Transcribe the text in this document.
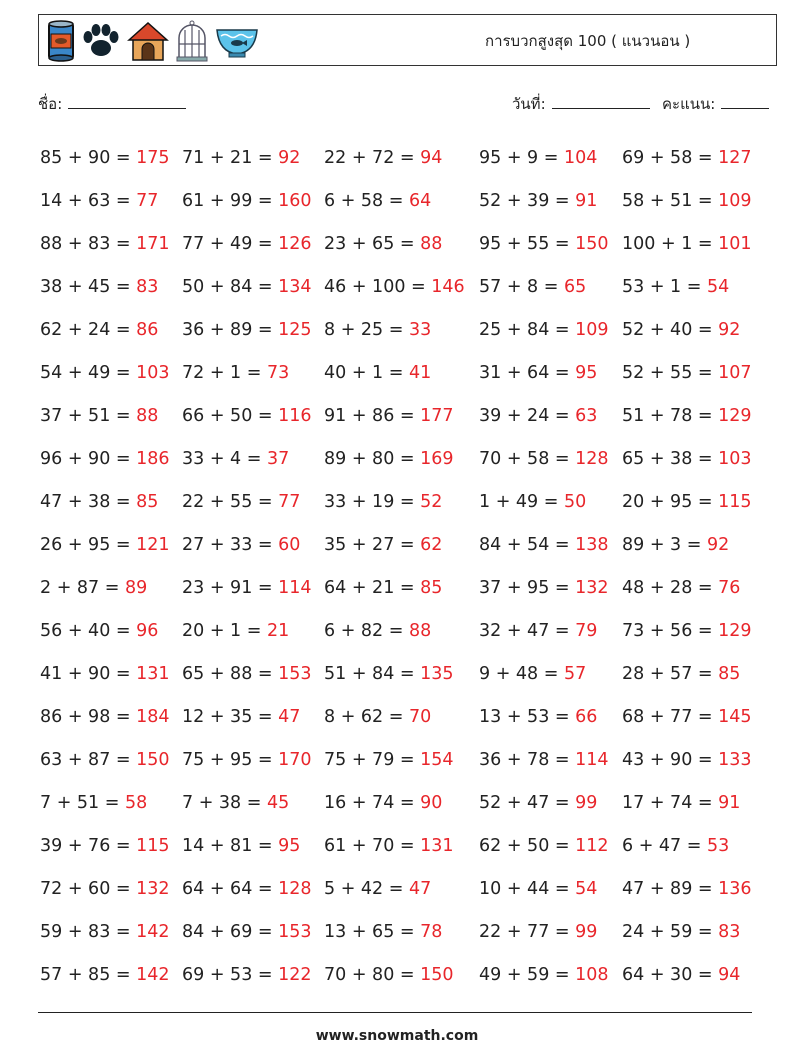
การบวกสูงสุด 100 ( แนวนอน )
ชื่อ:	วันที่:	คะแนน:
85 + 90 = 175 71 + 21 = 92	22 + 72 = 94	95 + 9 = 104	69 + 58 = 127
14 + 63 = 77	61 + 99 = 160 6 + 58 = 64	52 + 39 = 91	58 + 51 = 109
88 + 83 = 171 77 + 49 = 126 23 + 65 = 88	95 + 55 = 150 100 + 1 = 101
38 + 45 = 83	50 + 84 = 134 46 + 100 = 146 57 + 8 = 65	53 + 1 = 54
62 + 24 = 86	36 + 89 = 125 8 + 25 = 33	25 + 84 = 109 52 + 40 = 92
54 + 49 = 103 72 + 1 = 73	40 + 1 = 41	31 + 64 = 95	52 + 55 = 107
37 + 51 = 88	66 + 50 = 116 91 + 86 = 177	39 + 24 = 63	51 + 78 = 129
96 + 90 = 186 33 + 4 = 37	89 + 80 = 169	70 + 58 = 128 65 + 38 = 103
47 + 38 = 85	22 + 55 = 77	33 + 19 = 52	1 + 49 = 50	20 + 95 = 115
26 + 95 = 121 27 + 33 = 60	35 + 27 = 62	84 + 54 = 138 89 + 3 = 92
2 + 87 = 89	23 + 91 = 114 64 + 21 = 85	37 + 95 = 132 48 + 28 = 76
56 + 40 = 96	20 + 1 = 21	6 + 82 = 88	32 + 47 = 79	73 + 56 = 129
41 + 90 = 131 65 + 88 = 153 51 + 84 = 135	9 + 48 = 57	28 + 57 = 85
86 + 98 = 184 12 + 35 = 47	8 + 62 = 70	13 + 53 = 66	68 + 77 = 145
63 + 87 = 150 75 + 95 = 170 75 + 79 = 154	36 + 78 = 114 43 + 90 = 133
7 + 51 = 58	7 + 38 = 45	16 + 74 = 90	52 + 47 = 99	17 + 74 = 91
39 + 76 = 115 14 + 81 = 95	61 + 70 = 131	62 + 50 = 112 6 + 47 = 53
72 + 60 = 132 64 + 64 = 128 5 + 42 = 47	10 + 44 = 54	47 + 89 = 136
59 + 83 = 142 84 + 69 = 153 13 + 65 = 78	22 + 77 = 99	24 + 59 = 83
57 + 85 = 142 69 + 53 = 122 70 + 80 = 150	49 + 59 = 108 64 + 30 = 94
www.snowmath.com
